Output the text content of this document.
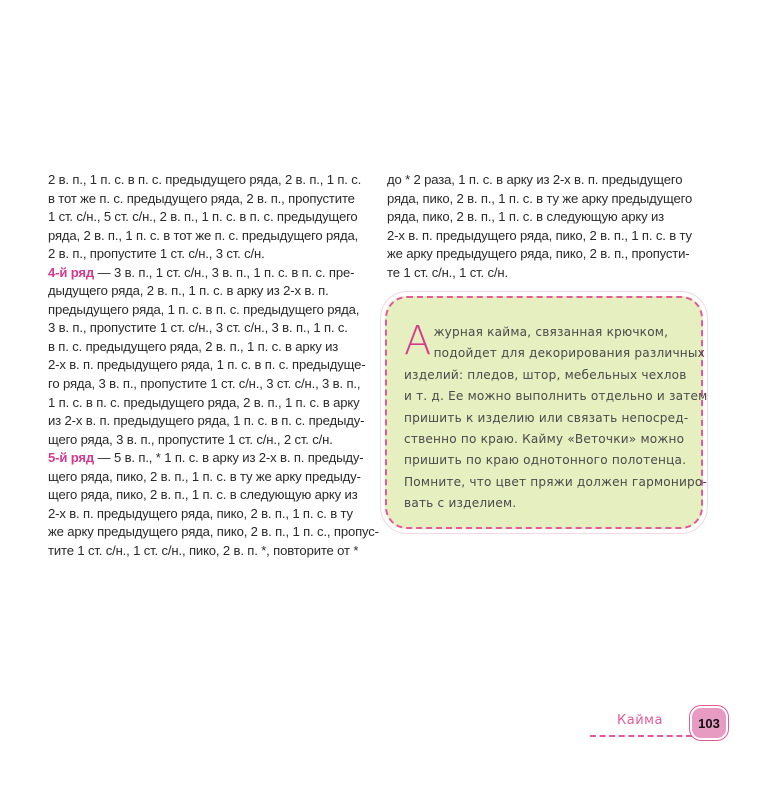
2 в. п., 1 п. с. в п. с. предыдущего ряда, 2 в. п., 1 п. с.

в тот же п. с. предыдущего ряда, 2 в. п., пропустите

1 ст. с/н., 5 ст. с/н., 2 в. п., 1 п. с. в п. с. предыдущего

ряда, 2 в. п., 1 п. с. в тот же п. с. предыдущего ряда,

2 в. п., пропустите 1 ст. с/н., 3 ст. с/н.

4-й ряд — 3 в. п., 1 ст. с/н., 3 в. п., 1 п. с. в п. с. пре-

дыдущего ряда, 2 в. п., 1 п. с. в арку из 2-х в. п.

предыдущего ряда, 1 п. с. в п. с. предыдущего ряда,

3 в. п., пропустите 1 ст. с/н., 3 ст. с/н., 3 в. п., 1 п. с.

в п. с. предыдущего ряда, 2 в. п., 1 п. с. в арку из

2-х в. п. предыдущего ряда, 1 п. с. в п. с. предыдуще-

го ряда, 3 в. п., пропустите 1 ст. с/н., 3 ст. с/н., 3 в. п.,

1 п. с. в п. с. предыдущего ряда, 2 в. п., 1 п. с. в арку

из 2-х в. п. предыдущего ряда, 1 п. с. в п. с. предыду-

щего ряда, 3 в. п., пропустите 1 ст. с/н., 2 ст. с/н.

5-й ряд — 5 в. п., * 1 п. с. в арку из 2-х в. п. предыду-

щего ряда, пико, 2 в. п., 1 п. с. в ту же арку предыду-

щего ряда, пико, 2 в. п., 1 п. с. в следующую арку из

2-х в. п. предыдущего ряда, пико, 2 в. п., 1 п. с. в ту

же арку предыдущего ряда, пико, 2 в. п., 1 п. с., пропус-

тите 1 ст. с/н., 1 ст. с/н., пико, 2 в. п. *, повторите от *

до * 2 раза, 1 п. с. в арку из 2-х в. п. предыдущего

ряда, пико, 2 в. п., 1 п. с. в ту же арку предыдущего

ряда, пико, 2 в. п., 1 п. с. в следующую арку из

2-х в. п. предыдущего ряда, пико, 2 в. п., 1 п. с. в ту

же арку предыдущего ряда, пико, 2 в. п., пропусти-

те 1 ст. с/н., 1 ст. с/н.

А журная кайма, связанная крючком,

подойдет для декорирования различных

изделий: пледов, штор, мебельных чехлов

и т. д. Ее можно выполнить отдельно и затем

пришить к изделию или связать непосред-

ственно по краю. Кайму «Веточки» можно

пришить по краю однотонного полотенца.

Помните, что цвет пряжи должен гармониро-

вать с изделием.

Кайма	103
